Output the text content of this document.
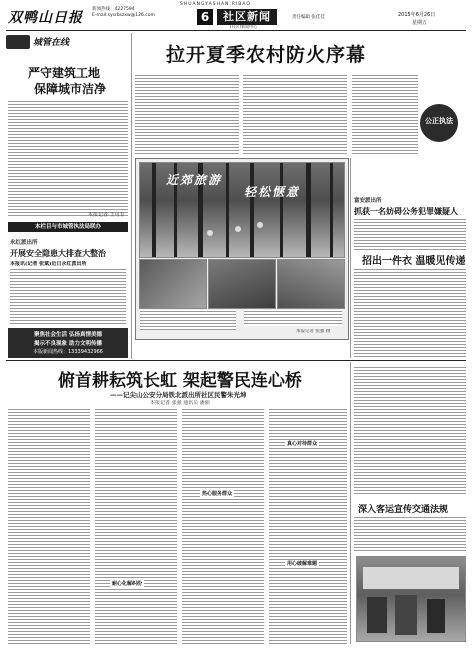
双鸭山日报
新闻热线：4227594
E-mail:sysrbszxw@126.com
SHUANGYASHAN RIBAO
6	社区新闻
(社区)新闻中心
责任编辑 张佳佳	2015年6月26日
星期五
城管在线
严守建筑工地
保障城市洁净
本报记者 王可专
本栏目与市城管执法局联办
永红派出所
开展安全隐患大排查大整治
本报讯(记者 张斌)近日永红派出所
聚焦社会生活 弘扬真情美德
揭示不良现象 助力文明传播
本版新闻热线：13339432966
拉开夏季农村防火序幕
公正执法
近郊旅游
轻松惬意
本报记者 张强 摄
富安派出所
抓获一名妨碍公务犯罪嫌疑人
招出一件衣 温暖见传递
俯首耕耘筑长虹 架起警民连心桥
——记尖山公安分局铁北派出所社区民警朱光坤
本报记者 张强 通讯员 潘丽
耐心化解纠纷
热心服务群众
真心对待群众
用心破解难题
深入客运宣传交通法规
